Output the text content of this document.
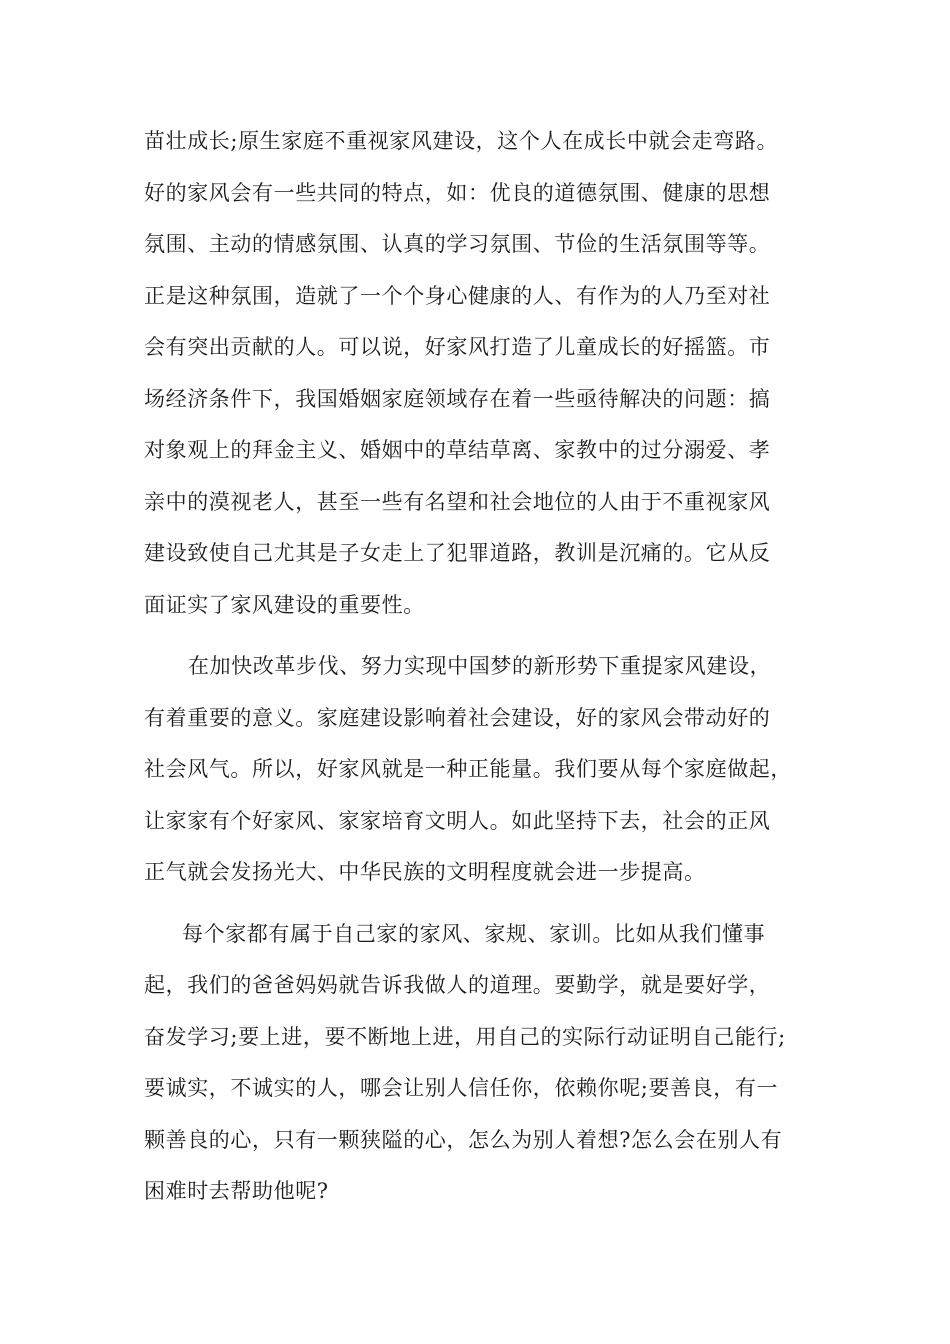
苗壮成长;原生家庭不重视家风建设，这个人在成长中就会走弯路。
好的家风会有一些共同的特点，如：优良的道德氛围、健康的思想
氛围、主动的情感氛围、认真的学习氛围、节俭的生活氛围等等。
正是这种氛围，造就了一个个身心健康的人、有作为的人乃至对社
会有突出贡献的人。可以说，好家风打造了儿童成长的好摇篮。市
场经济条件下，我国婚姻家庭领域存在着一些亟待解决的问题：搞
对象观上的拜金主义、婚姻中的草结草离、家教中的过分溺爱、孝
亲中的漠视老人，甚至一些有名望和社会地位的人由于不重视家风
建设致使自己尤其是子女走上了犯罪道路，教训是沉痛的。它从反
面证实了家风建设的重要性。
在加快改革步伐、努力实现中国梦的新形势下重提家风建设，
有着重要的意义。家庭建设影响着社会建设，好的家风会带动好的
社会风气。所以，好家风就是一种正能量。我们要从每个家庭做起，
让家家有个好家风、家家培育文明人。如此坚持下去，社会的正风
正气就会发扬光大、中华民族的文明程度就会进一步提高。
每个家都有属于自己家的家风、家规、家训。比如从我们懂事
起，我们的爸爸妈妈就告诉我做人的道理。要勤学，就是要好学，
奋发学习;要上进，要不断地上进，用自己的实际行动证明自己能行;
要诚实，不诚实的人，哪会让别人信任你，依赖你呢;要善良，有一
颗善良的心，只有一颗狭隘的心，怎么为别人着想?怎么会在别人有
困难时去帮助他呢?
